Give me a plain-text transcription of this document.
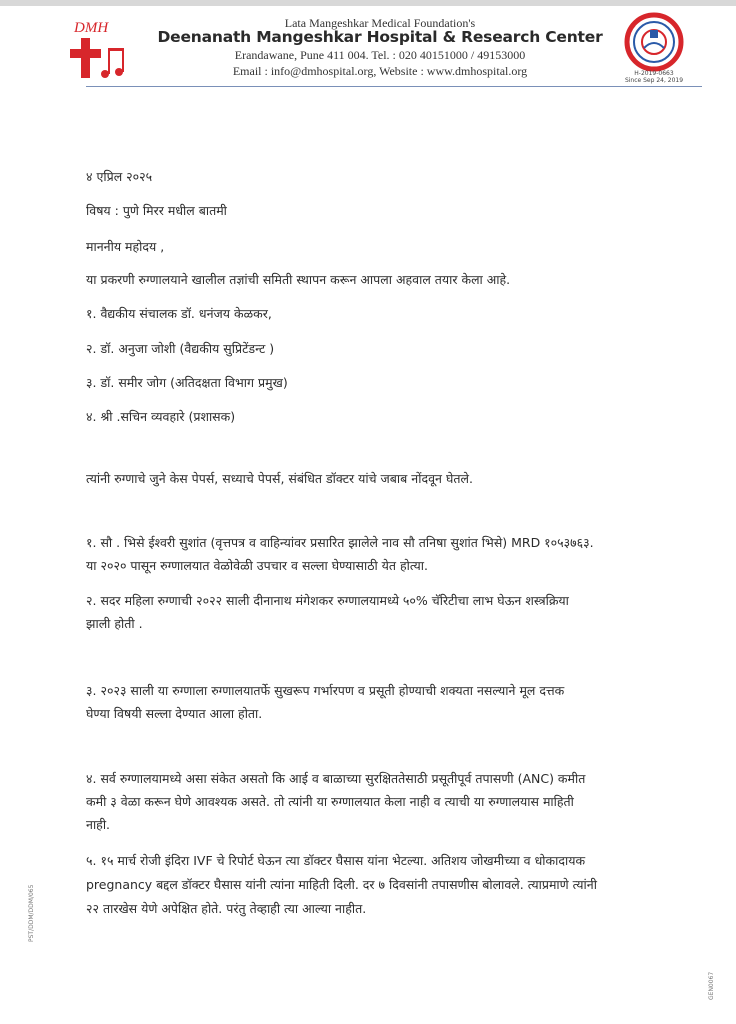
DMH	Lata Mangeshkar Medical Foundation's
Deenanath Mangeshkar Hospital & Research Center
Erandawane, Pune 411 004. Tel. : 020 40151000 / 49153000
Email : info@dmhospital.org, Website : www.dmhospital.org	H-2019-0663
Since Sep 24, 2019
४ एप्रिल २०२५
विषय : पुणे मिरर मधील बातमी
माननीय महोदय ,
या प्रकरणी रुग्णालयाने खालील तज्ञांची समिती स्थापन करून आपला अहवाल तयार केला आहे.
१. वैद्यकीय संचालक डॉ. धनंजय केळकर,
२. डॉ. अनुजा जोशी (वैद्यकीय सुप्रिटेंडन्ट )
३. डॉ. समीर जोग (अतिदक्षता विभाग प्रमुख)
४. श्री .सचिन व्यवहारे (प्रशासक)
त्यांनी रुग्णाचे जुने केस पेपर्स, सध्याचे पेपर्स, संबंधित डॉक्टर यांचे जबाब नोंदवून घेतले.
१. सौ . भिसे ईश्वरी सुशांत (वृत्तपत्र व वाहिन्यांवर प्रसारित झालेले नाव सौ तनिषा सुशांत भिसे) MRD १०५३७६३.
या २०२० पासून रुग्णालयात वेळोवेळी उपचार व सल्ला घेण्यासाठी येत होत्या.
२. सदर महिला रुग्णाची २०२२ साली दीनानाथ मंगेशकर रुग्णालयामध्ये ५०% चॅरिटीचा लाभ घेऊन शस्त्रक्रिया
झाली होती .
३. २०२३ साली या रुग्णाला रुग्णालयातर्फे सुखरूप गर्भारपण व प्रसूती होण्याची शक्यता नसल्याने मूल दत्तक
घेण्या विषयी सल्ला देण्यात आला होता.
४. सर्व रुग्णालयामध्ये असा संकेत असतो कि आई व बाळाच्या सुरक्षिततेसाठी प्रसूतीपूर्व तपासणी (ANC) कमीत
कमी ३ वेळा करून घेणे आवश्यक असते. तो त्यांनी या रुग्णालयात केला नाही व त्याची या रुग्णालयास माहिती
नाही.
५. १५ मार्च रोजी इंदिरा IVF चे रिपोर्ट घेऊन त्या डॉक्टर घैसास यांना भेटल्या. अतिशय जोखमीच्या व धोकादायक
pregnancy बद्दल डॉक्टर घैसास यांनी त्यांना माहिती दिली. दर ७ दिवसांनी तपासणीस बोलावले. त्याप्रमाणे त्यांनी
२२ तारखेस येणे अपेक्षित होते. परंतु तेव्हाही त्या आल्या नाहीत.
PST/DDM/DDM/065
GEN0067
